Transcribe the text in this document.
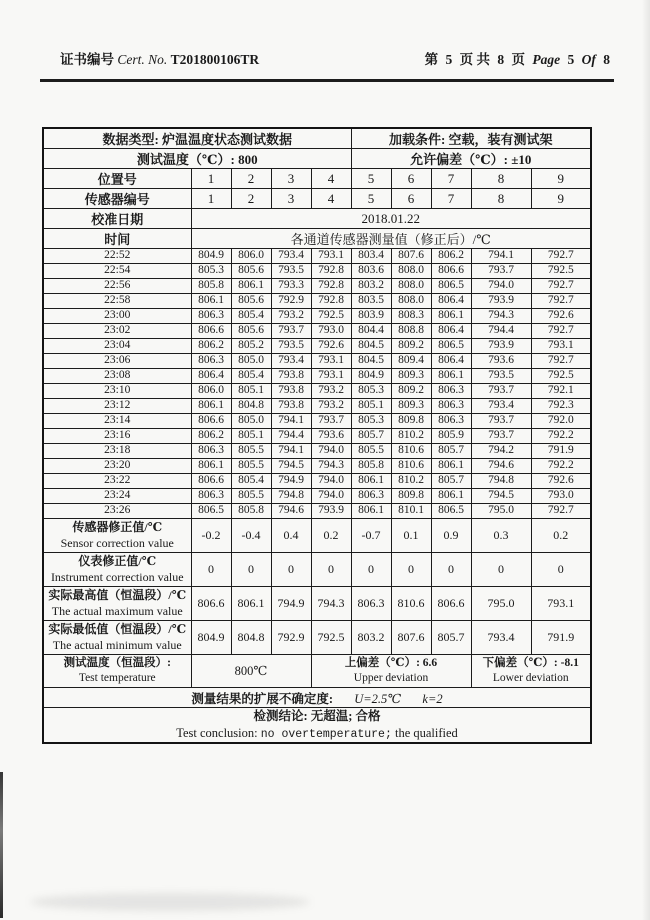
证书编号 Cert. No. T201800106TR	第 5 页 共 8 页 Page 5 Of 8
数据类型: 炉温温度状态测试数据					加载条件: 空载，装有测试架				
测试温度（℃）: 800					允许偏差（℃）: ±10				
位置号	1	2	3	4	5	6	7	8	9
传感器编号	1	2	3	4	5	6	7	8	9
校准日期	2018.01.22								
时间	各通道传感器测量值（修正后）/℃								
22:52	804.9	806.0	793.4	793.1	803.4	807.6	806.2	794.1	792.7
22:54	805.3	805.6	793.5	792.8	803.6	808.0	806.6	793.7	792.5
22:56	805.8	806.1	793.3	792.8	803.2	808.0	806.5	794.0	792.7
22:58	806.1	805.6	792.9	792.8	803.5	808.0	806.4	793.9	792.7
23:00	806.3	805.4	793.2	792.5	803.9	808.3	806.1	794.3	792.6
23:02	806.6	805.6	793.7	793.0	804.4	808.8	806.4	794.4	792.7
23:04	806.2	805.2	793.5	792.6	804.5	809.2	806.5	793.9	793.1
23:06	806.3	805.0	793.4	793.1	804.5	809.4	806.4	793.6	792.7
23:08	806.4	805.4	793.8	793.1	804.9	809.3	806.1	793.5	792.5
23:10	806.0	805.1	793.8	793.2	805.3	809.2	806.3	793.7	792.1
23:12	806.1	804.8	793.8	793.2	805.1	809.3	806.3	793.4	792.3
23:14	806.6	805.0	794.1	793.7	805.3	809.8	806.3	793.7	792.0
23:16	806.2	805.1	794.4	793.6	805.7	810.2	805.9	793.7	792.2
23:18	806.3	805.5	794.1	794.0	805.5	810.6	805.7	794.2	791.9
23:20	806.1	805.5	794.5	794.3	805.8	810.6	806.1	794.6	792.2
23:22	806.6	805.4	794.9	794.0	806.1	810.2	805.7	794.8	792.6
23:24	806.3	805.5	794.8	794.0	806.3	809.8	806.1	794.5	793.0
23:26	806.5	805.8	794.6	793.9	806.1	810.1	806.5	795.0	792.7

传感器修正值/℃
Sensor correction value	-0.2	-0.4	0.4	0.2	-0.7	0.1	0.9	0.3	0.2

仪表修正值/℃
Instrument correction value	0	0	0	0	0	0	0	0	0

实际最高值（恒温段）/℃
The actual maximum value	806.6	806.1	794.9	794.3	806.3	810.6	806.6	795.0	793.1

实际最低值（恒温段）/℃
The actual minimum value	804.9	804.8	792.9	792.5	803.2	807.6	805.7	793.4	791.9

测试温度（恒温段）:
Test temperature	800℃	
上偏差（℃）: 6.6
Upper deviation

下偏差（℃）: -8.1
Lower deviation

测量结果的扩展不确定度: U=2.5℃ k=2									

检测结论: 无超温; 合格
Test conclusion: no overtemperature; the qualified									
